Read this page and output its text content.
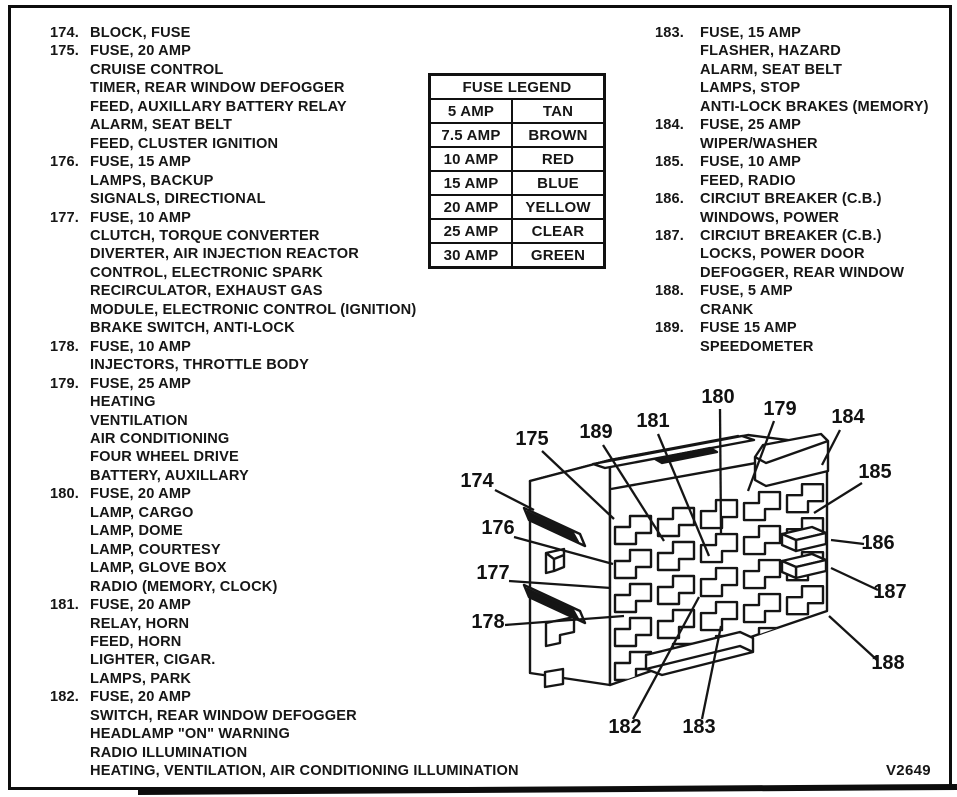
174. BLOCK, FUSE
175. FUSE, 20 AMP
CRUISE CONTROL
TIMER, REAR WINDOW DEFOGGER
FEED, AUXILLARY BATTERY RELAY
ALARM, SEAT BELT
FEED, CLUSTER IGNITION
176. FUSE, 15 AMP
LAMPS, BACKUP
SIGNALS, DIRECTIONAL
177. FUSE, 10 AMP
CLUTCH, TORQUE CONVERTER
DIVERTER, AIR INJECTION REACTOR
CONTROL, ELECTRONIC SPARK
RECIRCULATOR, EXHAUST GAS
MODULE, ELECTRONIC CONTROL (IGNITION)
BRAKE SWITCH, ANTI-LOCK
178. FUSE, 10 AMP
INJECTORS, THROTTLE BODY
179. FUSE, 25 AMP
HEATING
VENTILATION
AIR CONDITIONING
FOUR WHEEL DRIVE
BATTERY, AUXILLARY
180. FUSE, 20 AMP
LAMP, CARGO
LAMP, DOME
LAMP, COURTESY
LAMP, GLOVE BOX
RADIO (MEMORY, CLOCK)
181. FUSE, 20 AMP
RELAY, HORN
FEED, HORN
LIGHTER, CIGAR.
LAMPS, PARK
182. FUSE, 20 AMP
SWITCH, REAR WINDOW DEFOGGER
HEADLAMP "ON" WARNING
RADIO ILLUMINATION
HEATING, VENTILATION, AIR CONDITIONING ILLUMINATION
183. FUSE, 15 AMP
FLASHER, HAZARD
ALARM, SEAT BELT
LAMPS, STOP
ANTI-LOCK BRAKES (MEMORY)
184. FUSE, 25 AMP
WIPER/WASHER
185. FUSE, 10 AMP
FEED, RADIO
186. CIRCIUT BREAKER (C.B.)
WINDOWS, POWER
187. CIRCIUT BREAKER (C.B.)
LOCKS, POWER DOOR
DEFOGGER, REAR WINDOW
188. FUSE, 5 AMP
CRANK
189. FUSE 15 AMP
SPEEDOMETER
FUSE LEGEND	
5 AMP	TAN
7.5 AMP	BROWN
10 AMP	RED
15 AMP	BLUE
20 AMP	YELLOW
25 AMP	CLEAR
30 AMP	GREEN
174
175 189 181
180
179 184
185
186
187
188
176
177
178
182 183
V2649
